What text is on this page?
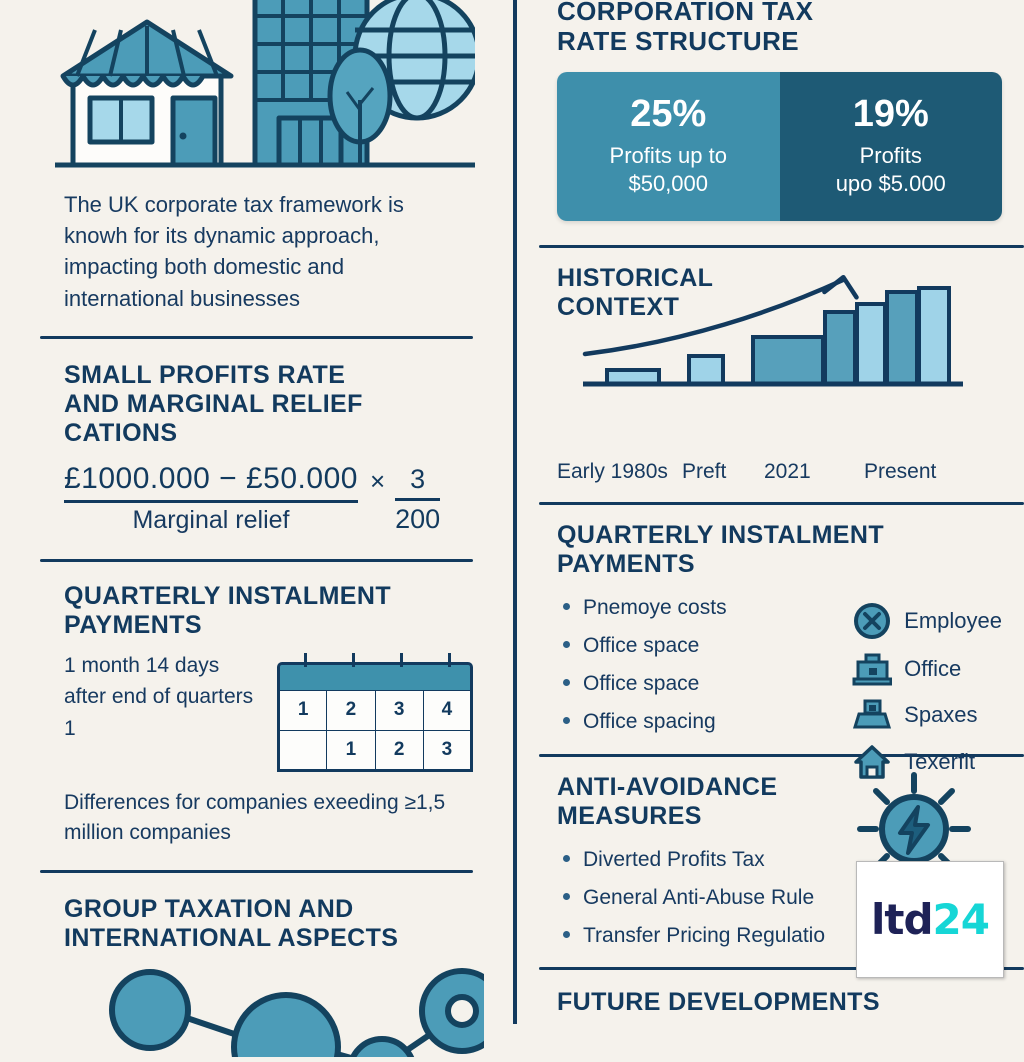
The UK corporate tax framework is knowh for its dynamic approach, impacting both domestic and international businesses

SMALL PROFITS RATE
AND MARGINAL RELIEF CATIONS
$\frac{£1000.000 - £50.000}{\text{Marginal relief}} \times \frac{3}{200}$
QUARTERLY INSTALMENT
PAYMENTS
1 month 14 days after end of quarters 1
1	2	3	4
	1	2	3
Differences for companies exeeding ≥1,5 million companies
GROUP TAXATION AND
INTERNATIONAL ASPECTS
CORPORATION TAX
RATE STRUCTURE
25%
Profits up to
$50,000
19%
Profits
upo $5.000
HISTORICAL
CONTEXT
Early 1980s Preft	2021	Present
QUARTERLY INSTALMENT
PAYMENTS
Pnemoye costs
Office space
Office space
Office spacing
Employee
Office
Spaxes
Texerfit
ANTI-AVOIDANCE
MEASURES
Diverted Profits Tax
General Anti-Abuse Rule
Transfer Pricing Regulatio
FUTURE DEVELOPMENTS
ltd24
